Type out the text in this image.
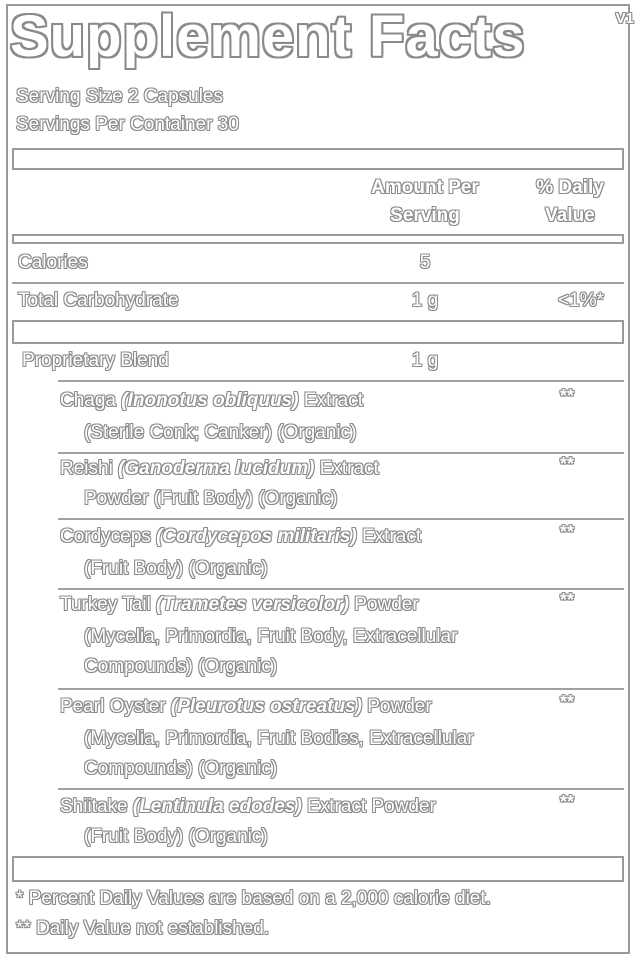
V1
Supplement Facts
Serving Size 2 Capsules
Servings Per Container 30
Amount Per
Serving
% Daily
Value
Calories	5
Total Carbohydrate	1 g	<1%*
Proprietary Blend	1 g
Chaga (Inonotus obliquus) Extract
(Sterile Conk; Canker) (Organic)
**
Reishi (Ganoderma lucidum) Extract
Powder (Fruit Body) (Organic)
**
Cordyceps (Cordycepos militaris) Extract
(Fruit Body) (Organic)
**
Turkey Tail (Trametes versicolor) Powder
(Mycelia, Primordia, Fruit Body, Extracellular
Compounds) (Organic)
**
Pearl Oyster (Pleurotus ostreatus) Powder
(Mycelia, Primordia, Fruit Bodies, Extracellular
Compounds) (Organic)
**
Shiitake (Lentinula edodes) Extract Powder
(Fruit Body) (Organic)
**
* Percent Daily Values are based on a 2,000 calorie diet.
** Daily Value not established.
